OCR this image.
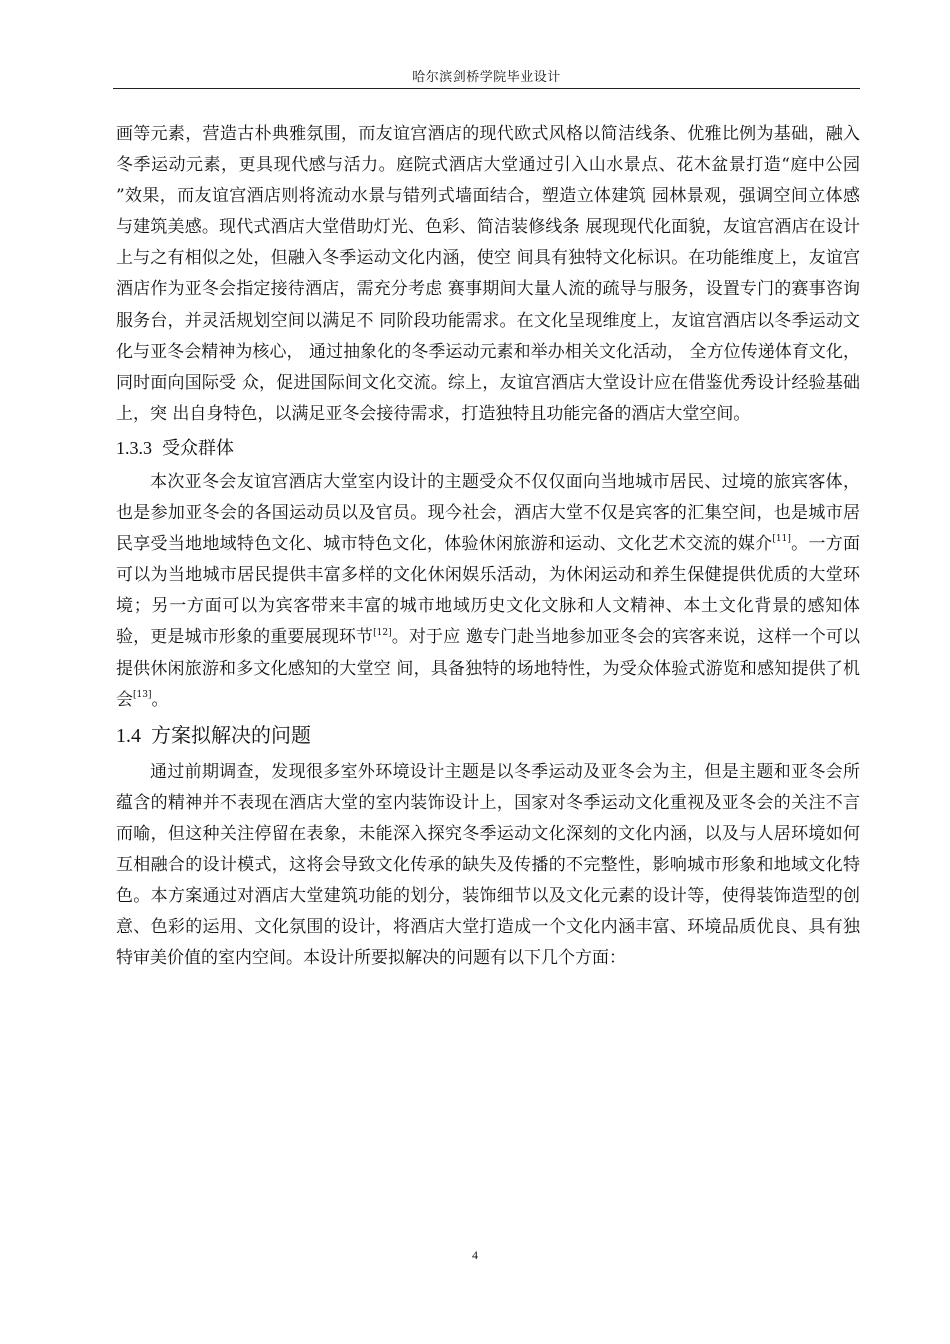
哈尔滨剑桥学院毕业设计

画等元素，营造古朴典雅氛围，而友谊宫酒店的现代欧式风格以简洁线条、优雅比例为基础，融入冬季运动元素，更具现代感与活力。庭院式酒店大堂通过引入山水景点、花木盆景打造“庭中公园 ”效果，而友谊宫酒店则将流动水景与错列式墙面结合，塑造立体建筑 园林景观，强调空间立体感与建筑美感。现代式酒店大堂借助灯光、色彩、简洁装修线条 展现现代化面貌，友谊宫酒店在设计上与之有相似之处，但融入冬季运动文化内涵，使空 间具有独特文化标识。在功能维度上，友谊宫酒店作为亚冬会指定接待酒店，需充分考虑 赛事期间大量人流的疏导与服务，设置专门的赛事咨询服务台，并灵活规划空间以满足不 同阶段功能需求。在文化呈现维度上，友谊宫酒店以冬季运动文化与亚冬会精神为核心， 通过抽象化的冬季运动元素和举办相关文化活动， 全方位传递体育文化，同时面向国际受 众，促进国际间文化交流。综上，友谊宫酒店大堂设计应在借鉴优秀设计经验基础上，突 出自身特色，以满足亚冬会接待需求，打造独特且功能完备的酒店大堂空间。

1.3.3 受众群体

本次亚冬会友谊宫酒店大堂室内设计的主题受众不仅仅面向当地城市居民、过境的旅宾客体，也是参加亚冬会的各国运动员以及官员。现今社会，酒店大堂不仅是宾客的汇集空间，也是城市居民享受当地地域特色文化、城市特色文化，体验休闲旅游和运动、文化艺术交流的媒介[11]。一方面可以为当地城市居民提供丰富多样的文化休闲娱乐活动，为休闲运动和养生保健提供优质的大堂环境；另一方面可以为宾客带来丰富的城市地域历史文化文脉和人文精神、本土文化背景的感知体验，更是城市形象的重要展现环节[12]。对于应 邀专门赴当地参加亚冬会的宾客来说，这样一个可以提供休闲旅游和多文化感知的大堂空 间，具备独特的场地特性，为受众体验式游览和感知提供了机会[13]。

1.4 方案拟解决的问题

通过前期调查，发现很多室外环境设计主题是以冬季运动及亚冬会为主，但是主题和亚冬会所蕴含的精神并不表现在酒店大堂的室内装饰设计上，国家对冬季运动文化重视及亚冬会的关注不言而喻，但这种关注停留在表象，未能深入探究冬季运动文化深刻的文化内涵，以及与人居环境如何互相融合的设计模式，这将会导致文化传承的缺失及传播的不完整性，影响城市形象和地域文化特色。本方案通过对酒店大堂建筑功能的划分，装饰细节以及文化元素的设计等，使得装饰造型的创意、色彩的运用、文化氛围的设计，将酒店大堂打造成一个文化内涵丰富、环境品质优良、具有独特审美价值的室内空间。本设计所要拟解决的问题有以下几个方面：

4
